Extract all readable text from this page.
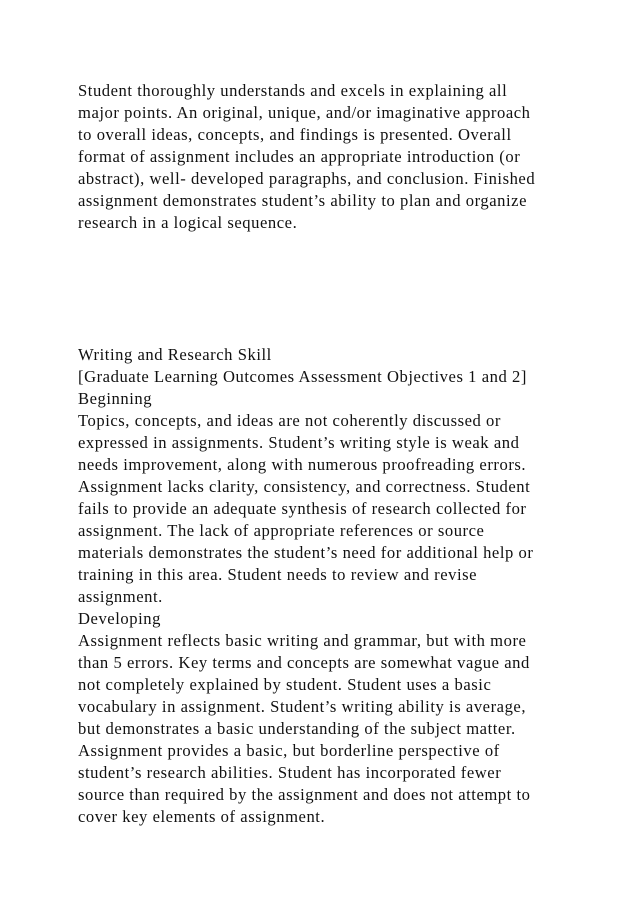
Student thoroughly understands and excels in explaining all

major points. An original, unique, and/or imaginative approach

to overall ideas, concepts, and findings is presented. Overall

format of assignment includes an appropriate introduction (or

abstract), well- developed paragraphs, and conclusion. Finished

assignment demonstrates student’s ability to plan and organize

research in a logical sequence.

Writing and Research Skill

[Graduate Learning Outcomes Assessment Objectives 1 and 2]

Beginning

Topics, concepts, and ideas are not coherently discussed or

expressed in assignments. Student’s writing style is weak and

needs improvement, along with numerous proofreading errors.

Assignment lacks clarity, consistency, and correctness. Student

fails to provide an adequate synthesis of research collected for

assignment. The lack of appropriate references or source

materials demonstrates the student’s need for additional help or

training in this area. Student needs to review and revise

assignment.

Developing

Assignment reflects basic writing and grammar, but with more

than 5 errors. Key terms and concepts are somewhat vague and

not completely explained by student. Student uses a basic

vocabulary in assignment. Student’s writing ability is average,

but demonstrates a basic understanding of the subject matter.

Assignment provides a basic, but borderline perspective of

student’s research abilities. Student has incorporated fewer

source than required by the assignment and does not attempt to

cover key elements of assignment.
